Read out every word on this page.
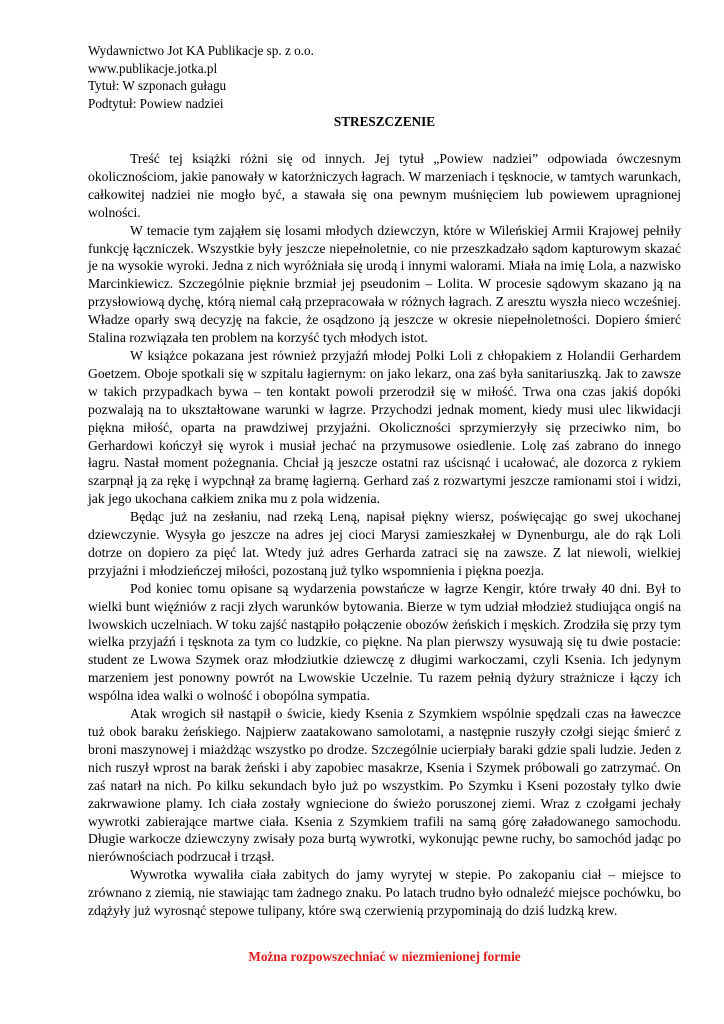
Wydawnictwo Jot KA Publikacje sp. z o.o.
www.publikacje.jotka.pl
Tytuł: W szponach gułagu
Podtytuł: Powiew nadziei
STRESZCZENIE

Treść tej książki różni się od innych. Jej tytuł „Powiew nadziei” odpowiada ówczesnym okolicznościom, jakie panowały w katorżniczych łagrach. W marzeniach i tęsknocie, w tamtych warunkach, całkowitej nadziei nie mogło być, a stawała się ona pewnym muśnięciem lub powiewem upragnionej wolności.

W temacie tym zająłem się losami młodych dziewczyn, które w Wileńskiej Armii Krajowej pełniły funkcję łączniczek. Wszystkie były jeszcze niepełnoletnie, co nie przeszkadzało sądom kapturowym skazać je na wysokie wyroki. Jedna z nich wyróżniała się urodą i innymi walorami. Miała na imię Lola, a nazwisko Marcinkiewicz. Szczególnie pięknie brzmiał jej pseudonim – Lolita. W procesie sądowym skazano ją na przysłowiową dychę, którą niemal całą przepracowała w różnych łagrach. Z aresztu wyszła nieco wcześniej. Władze oparły swą decyzję na fakcie, że osądzono ją jeszcze w okresie niepełnoletności. Dopiero śmierć Stalina rozwiązała ten problem na korzyść tych młodych istot.

W książce pokazana jest również przyjaźń młodej Polki Loli z chłopakiem z Holandii Gerhardem Goetzem. Oboje spotkali się w szpitalu łagiernym: on jako lekarz, ona zaś była sanitariuszką. Jak to zawsze w takich przypadkach bywa – ten kontakt powoli przerodził się w miłość. Trwa ona czas jakiś dopóki pozwalają na to ukształtowane warunki w łagrze. Przychodzi jednak moment, kiedy musi ulec likwidacji piękna miłość, oparta na prawdziwej przyjaźni. Okoliczności sprzymierzyły się przeciwko nim, bo Gerhardowi kończył się wyrok i musiał jechać na przymusowe osiedlenie. Lolę zaś zabrano do innego łagru. Nastał moment pożegnania. Chciał ją jeszcze ostatni raz uścisnąć i ucałować, ale dozorca z rykiem szarpnął ją za rękę i wypchnął za bramę łagierną. Gerhard zaś z rozwartymi jeszcze ramionami stoi i widzi, jak jego ukochana całkiem znika mu z pola widzenia.

Będąc już na zesłaniu, nad rzeką Leną, napisał piękny wiersz, poświęcając go swej ukochanej dziewczynie. Wysyła go jeszcze na adres jej cioci Marysi zamieszkałej w Dynenburgu, ale do rąk Loli dotrze on dopiero za pięć lat. Wtedy już adres Gerharda zatraci się na zawsze. Z lat niewoli, wielkiej przyjaźni i młodzieńczej miłości, pozostaną już tylko wspomnienia i piękna poezja.

Pod koniec tomu opisane są wydarzenia powstańcze w łagrze Kengir, które trwały 40 dni. Był to wielki bunt więźniów z racji złych warunków bytowania. Bierze w tym udział młodzież studiująca ongiś na lwowskich uczelniach. W toku zajść nastąpiło połączenie obozów żeńskich i męskich. Zrodziła się przy tym wielka przyjaźń i tęsknota za tym co ludzkie, co piękne. Na plan pierwszy wysuwają się tu dwie postacie: student ze Lwowa Szymek oraz młodziutkie dziewczę z długimi warkoczami, czyli Ksenia. Ich jedynym marzeniem jest ponowny powrót na Lwowskie Uczelnie. Tu razem pełnią dyżury strażnicze i łączy ich wspólna idea walki o wolność i obopólna sympatia.

Atak wrogich sił nastąpił o świcie, kiedy Ksenia z Szymkiem wspólnie spędzali czas na ławeczce tuż obok baraku żeńskiego. Najpierw zaatakowano samolotami, a następnie ruszyły czołgi siejąc śmierć z broni maszynowej i miażdżąc wszystko po drodze. Szczególnie ucierpiały baraki gdzie spali ludzie. Jeden z nich ruszył wprost na barak żeński i aby zapobiec masakrze, Ksenia i Szymek próbowali go zatrzymać. On zaś natarł na nich. Po kilku sekundach było już po wszystkim. Po Szymku i Kseni pozostały tylko dwie zakrwawione plamy. Ich ciała zostały wgniecione do świeżo poruszonej ziemi. Wraz z czołgami jechały wywrotki zabierające martwe ciała. Ksenia z Szymkiem trafili na samą górę załadowanego samochodu. Długie warkocze dziewczyny zwisały poza burtą wywrotki, wykonując pewne ruchy, bo samochód jadąc po nierównościach podrzucał i trząsł.

Wywrotka wywaliła ciała zabitych do jamy wyrytej w stepie. Po zakopaniu ciał – miejsce to zrównano z ziemią, nie stawiając tam żadnego znaku. Po latach trudno było odnaleźć miejsce pochówku, bo zdążyły już wyrosnąć stepowe tulipany, które swą czerwienią przypominają do dziś ludzką krew.

Można rozpowszechniać w niezmienionej formie
